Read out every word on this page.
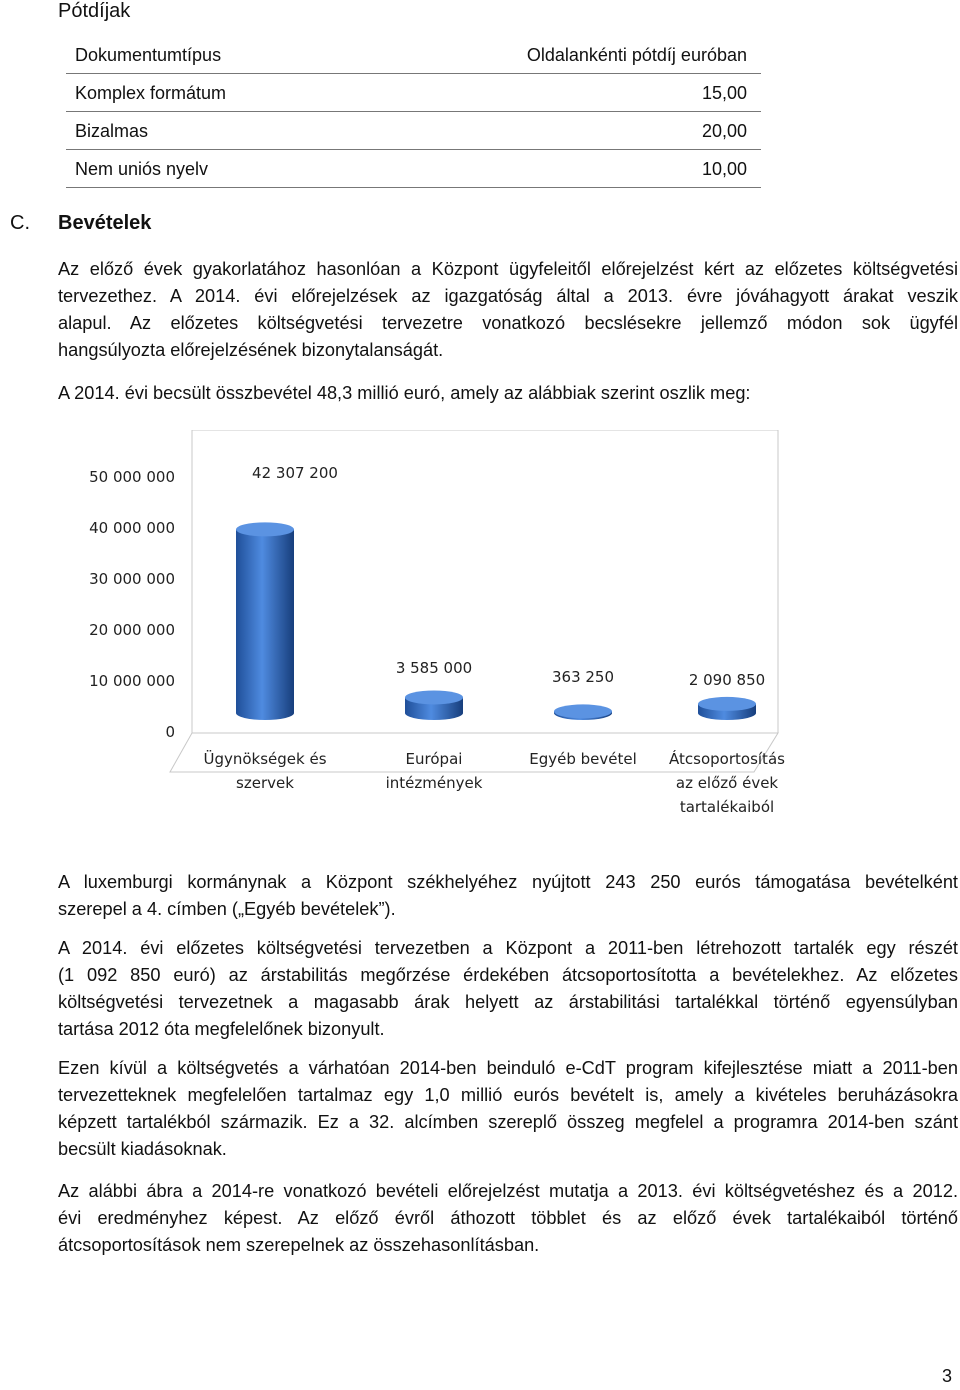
Pótdíjak
Dokumentumtípus	Oldalankénti pótdíj euróban
Komplex formátum	15,00
Bizalmas	20,00
Nem uniós nyelv	10,00
C. Bevételek
Az előző évek gyakorlatához hasonlóan a Központ ügyfeleitől előrejelzést kért az előzetes költségvetési
tervezethez. A 2014. évi előrejelzések az igazgatóság által a 2013. évre jóváhagyott árakat veszik
alapul. Az előzetes költségvetési tervezetre vonatkozó becslésekre jellemző módon sok ügyfél
hangsúlyozta előrejelzésének bizonytalanságát.
A 2014. évi becsült összbevétel 48,3 millió euró, amely az alábbiak szerint oszlik meg:
0
10 000 000
20 000 000
30 000 000
40 000 000
50 000 000	42 307 200
Ügynökségek és
szervek
3 585 000
Európai
intézmények
363 250
Egyéb bevétel
2 090 850
Átcsoportosítás
az előző évek
tartalékaiból
A luxemburgi kormánynak a Központ székhelyéhez nyújtott 243 250 eurós támogatása bevételként
szerepel a 4. címben („Egyéb bevételek”).
A 2014. évi előzetes költségvetési tervezetben a Központ a 2011-ben létrehozott tartalék egy részét
(1 092 850 euró) az árstabilitás megőrzése érdekében átcsoportosította a bevételekhez. Az előzetes
költségvetési tervezetnek a magasabb árak helyett az árstabilitási tartalékkal történő egyensúlyban
tartása 2012 óta megfelelőnek bizonyult.
Ezen kívül a költségvetés a várhatóan 2014-ben beinduló e-CdT program kifejlesztése miatt a 2011-ben
tervezetteknek megfelelően tartalmaz egy 1,0 millió eurós bevételt is, amely a kivételes beruházásokra
képzett tartalékból származik. Ez a 32. alcímben szereplő összeg megfelel a programra 2014-ben szánt
becsült kiadásoknak.
Az alábbi ábra a 2014-re vonatkozó bevételi előrejelzést mutatja a 2013. évi költségvetéshez és a 2012.
évi eredményhez képest. Az előző évről áthozott többlet és az előző évek tartalékaiból történő
átcsoportosítások nem szerepelnek az összehasonlításban.
3
